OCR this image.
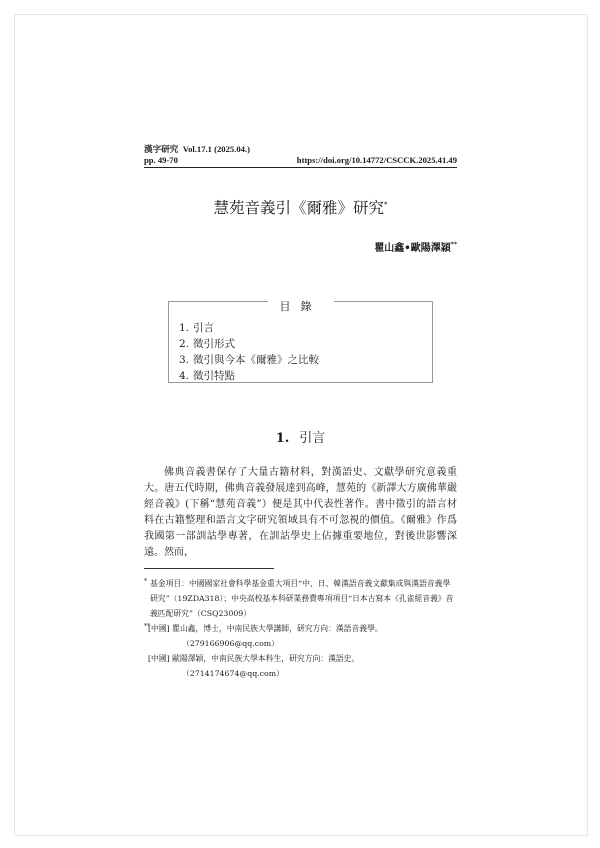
漢字研究 Vol.17.1 (2025.04.)
pp. 49-70	https://doi.org/10.14772/CSCCK.2025.41.49
慧苑音義引《爾雅》研究*
瞿山鑫•歐陽澤穎**
目錄
1. 引言
2. 徵引形式
3. 徵引與今本《爾雅》之比較
4. 徵引特點
1. 引言

佛典音義書保存了大量古籍材料，對漢語史、文獻學研究意義重大。唐五代時期，佛典音義發展達到高峰，慧苑的《新譯大方廣佛華嚴經音義》(下稱“慧苑音義”）便是其中代表性著作。書中徵引的語言材料在古籍整理和語言文字研究領域具有不可忽視的價值。《爾雅》作爲我國第一部訓詁學專著，在訓詁學史上佔據重要地位，對後世影響深遠。然而，

* 基金項目：中國國家社會科學基金重大項目“中、日、韓漢語音義文獻集成與漢語音義學研究”（19ZDA318）；中央高校基本科研業務費專項項目“日本古寫本《孔雀經音義》音義匹配研究”（CSQ23009）
**
[中國] 瞿山鑫，博士，中南民族大學講師，研究方向：漢語音義學。
（279166906@qq.com）
[中國] 歐陽澤穎，中南民族大學本科生，研究方向：漢語史。
（2714174674@qq.com）
